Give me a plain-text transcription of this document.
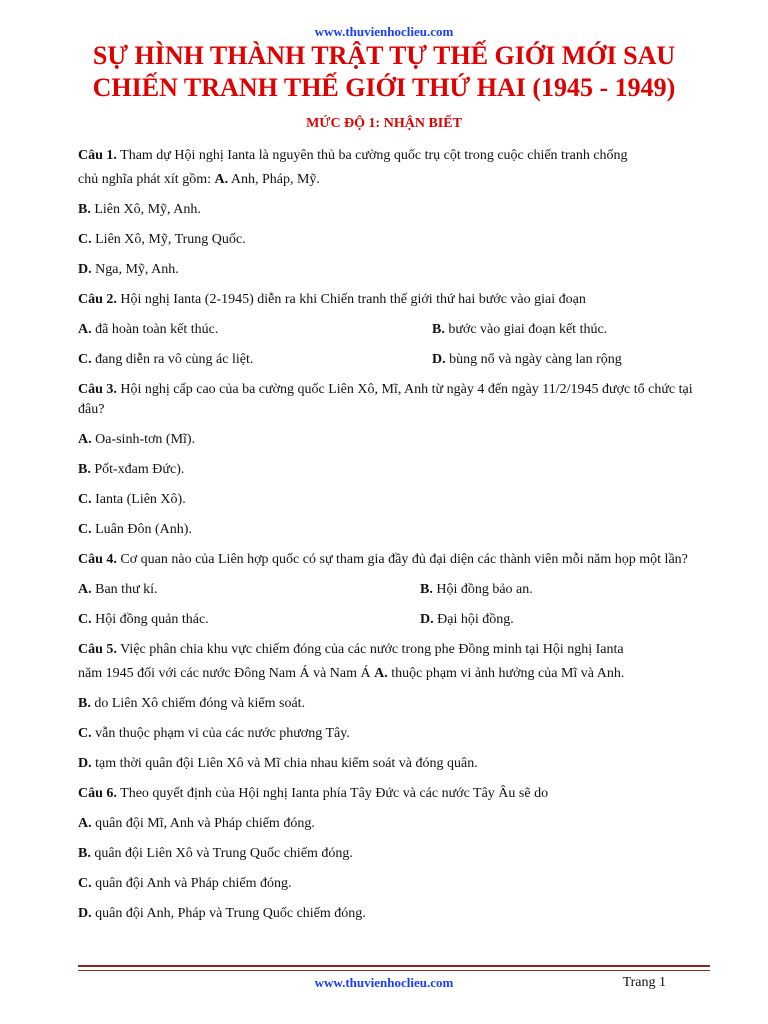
www.thuvienhoclieu.com
SỰ HÌNH THÀNH TRẬT TỰ THẾ GIỚI MỚI SAU
CHIẾN TRANH THẾ GIỚI THỨ HAI (1945 - 1949)
MỨC ĐỘ 1: NHẬN BIẾT
Câu 1. Tham dự Hội nghị Ianta là nguyên thủ ba cường quốc trụ cột trong cuộc chiến tranh chống
chủ nghĩa phát xít gồm: A. Anh, Pháp, Mỹ.
B. Liên Xô, Mỹ, Anh.
C. Liên Xô, Mỹ, Trung Quốc.
D. Nga, Mỹ, Anh.
Câu 2. Hội nghị Ianta (2-1945) diễn ra khi Chiến tranh thế giới thứ hai bước vào giai đoạn
A. đã hoàn toàn kết thúc.	B. bước vào giai đoạn kết thúc.
C. đang diễn ra vô cùng ác liệt.	D. bùng nổ và ngày càng lan rộng
Câu 3. Hội nghị cấp cao của ba cường quốc Liên Xô, Mĩ, Anh từ ngày 4 đến ngày 11/2/1945 được tổ chức tại đâu?
A. Oa-sinh-tơn (Mĩ).
B. Pốt-xđam Đức).
C. Ianta (Liên Xô).
C. Luân Đôn (Anh).
Câu 4. Cơ quan nào của Liên hợp quốc có sự tham gia đầy đủ đại diện các thành viên mỗi năm họp một lần?
A. Ban thư kí.	B. Hội đồng bảo an.
C. Hội đồng quản thác.	D. Đại hội đồng.
Câu 5. Việc phân chia khu vực chiếm đóng của các nước trong phe Đồng minh tại Hội nghị Ianta
năm 1945 đối với các nước Đông Nam Á và Nam Á A. thuộc phạm vi ảnh hưởng của Mĩ và Anh.
B. do Liên Xô chiếm đóng và kiểm soát.
C. vẫn thuộc phạm vi của các nước phương Tây.
D. tạm thời quân đội Liên Xô và Mĩ chia nhau kiểm soát và đóng quân.
Câu 6. Theo quyết định của Hội nghị Ianta phía Tây Đức và các nước Tây Âu sẽ do
A. quân đội Mĩ, Anh và Pháp chiếm đóng.
B. quân đội Liên Xô và Trung Quốc chiếm đóng.
C. quân đội Anh và Pháp chiếm đóng.
D. quân đội Anh, Pháp và Trung Quốc chiếm đóng.
www.thuvienhoclieu.com	Trang 1
